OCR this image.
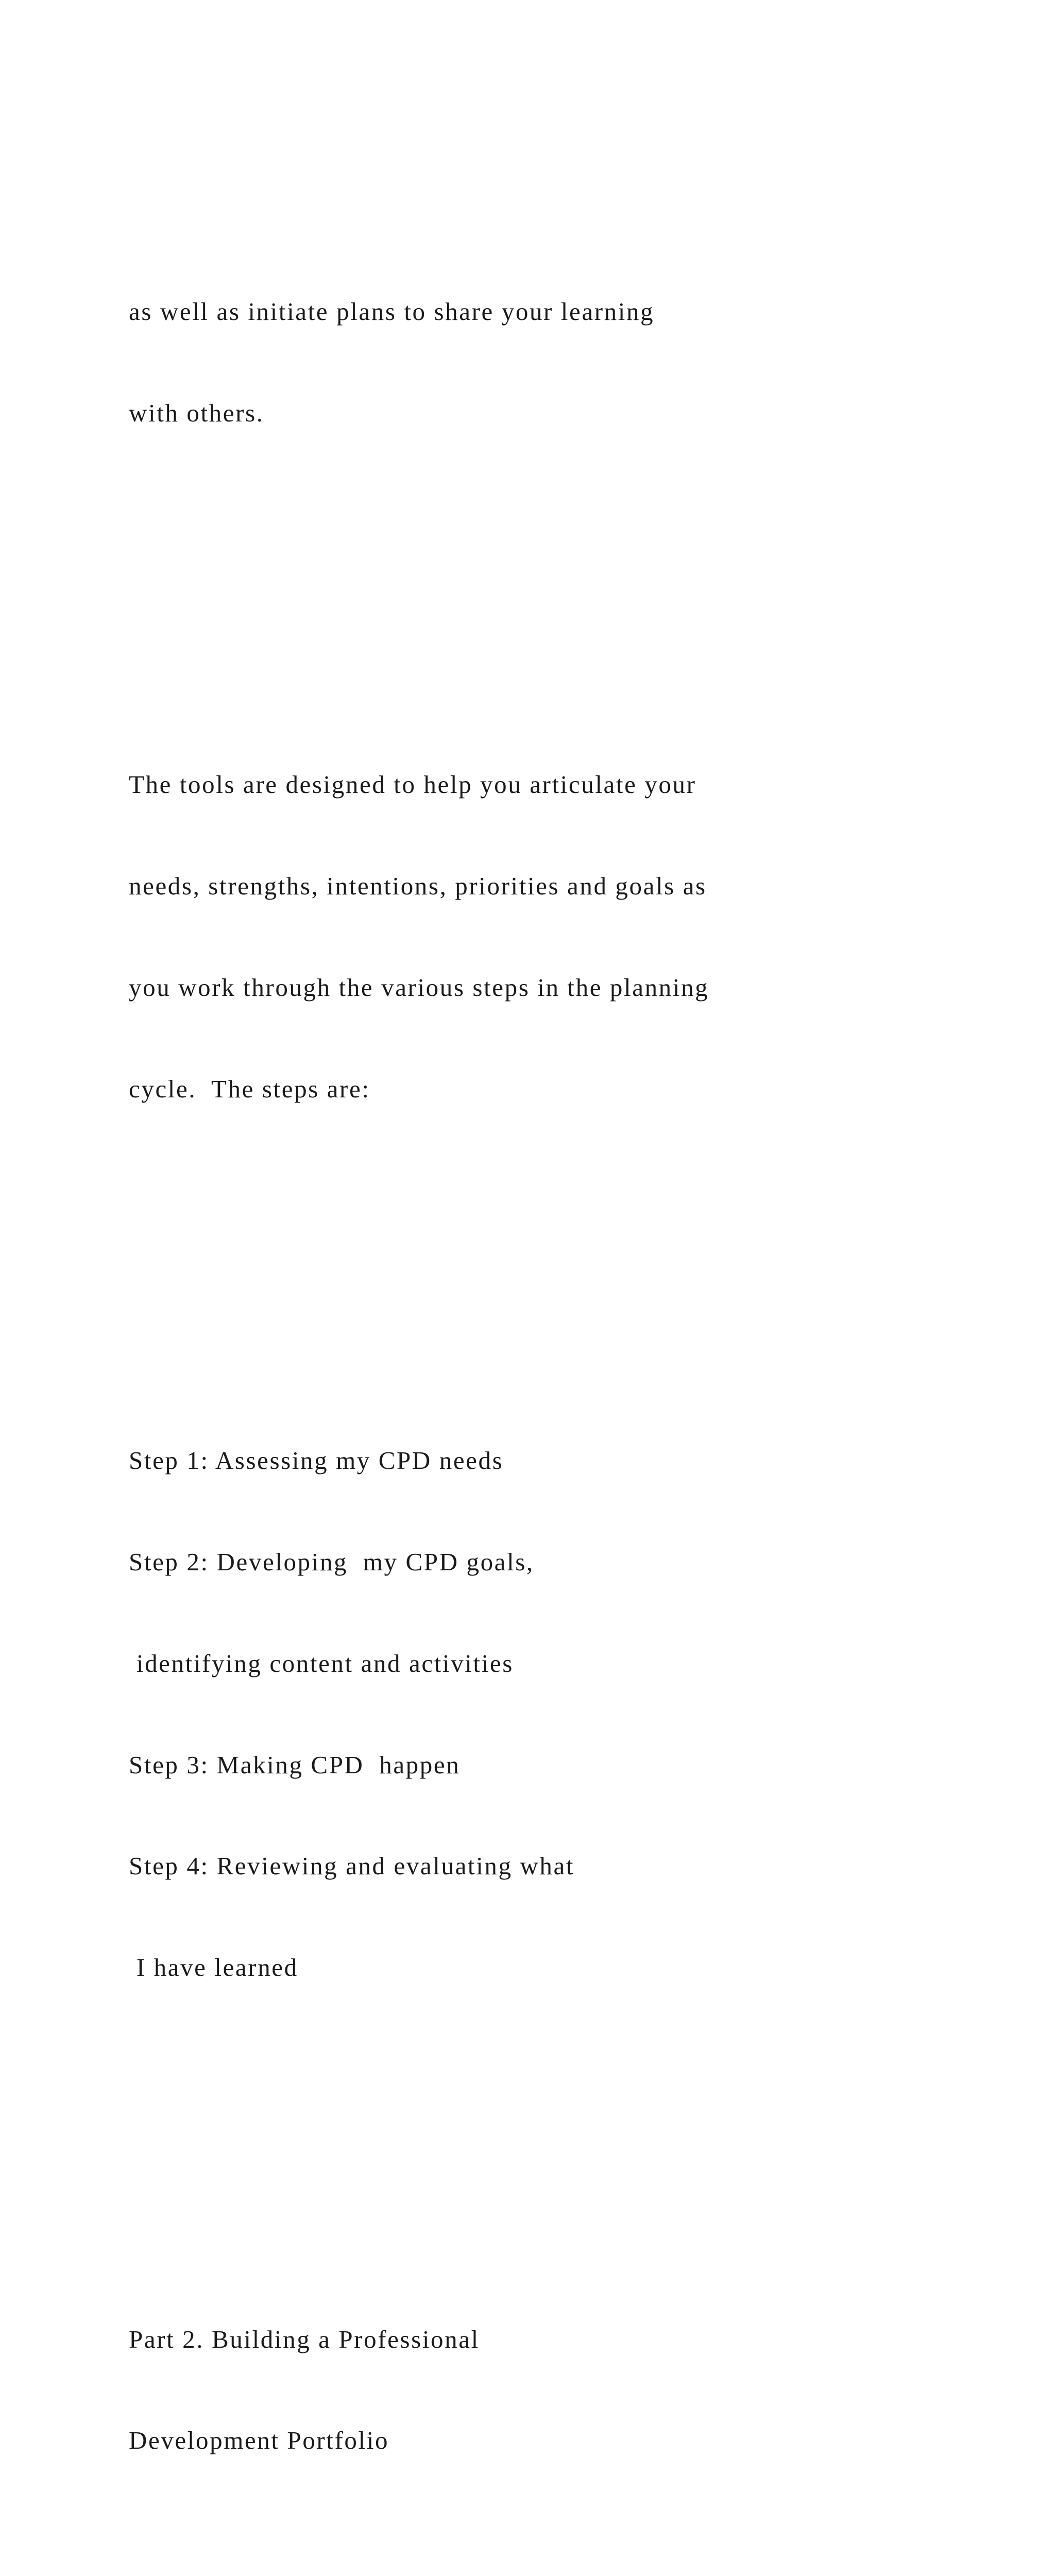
as well as initiate plans to share your learning

with others.

The tools are designed to help you articulate your

needs, strengths, intentions, priorities and goals as

you work through the various steps in the planning

cycle.  The steps are:

Step 1: Assessing my CPD needs

Step 2: Developing  my CPD goals,

identifying content and activities

Step 3: Making CPD  happen

Step 4: Reviewing and evaluating what

I have learned

Part 2. Building a Professional

Development Portfolio
